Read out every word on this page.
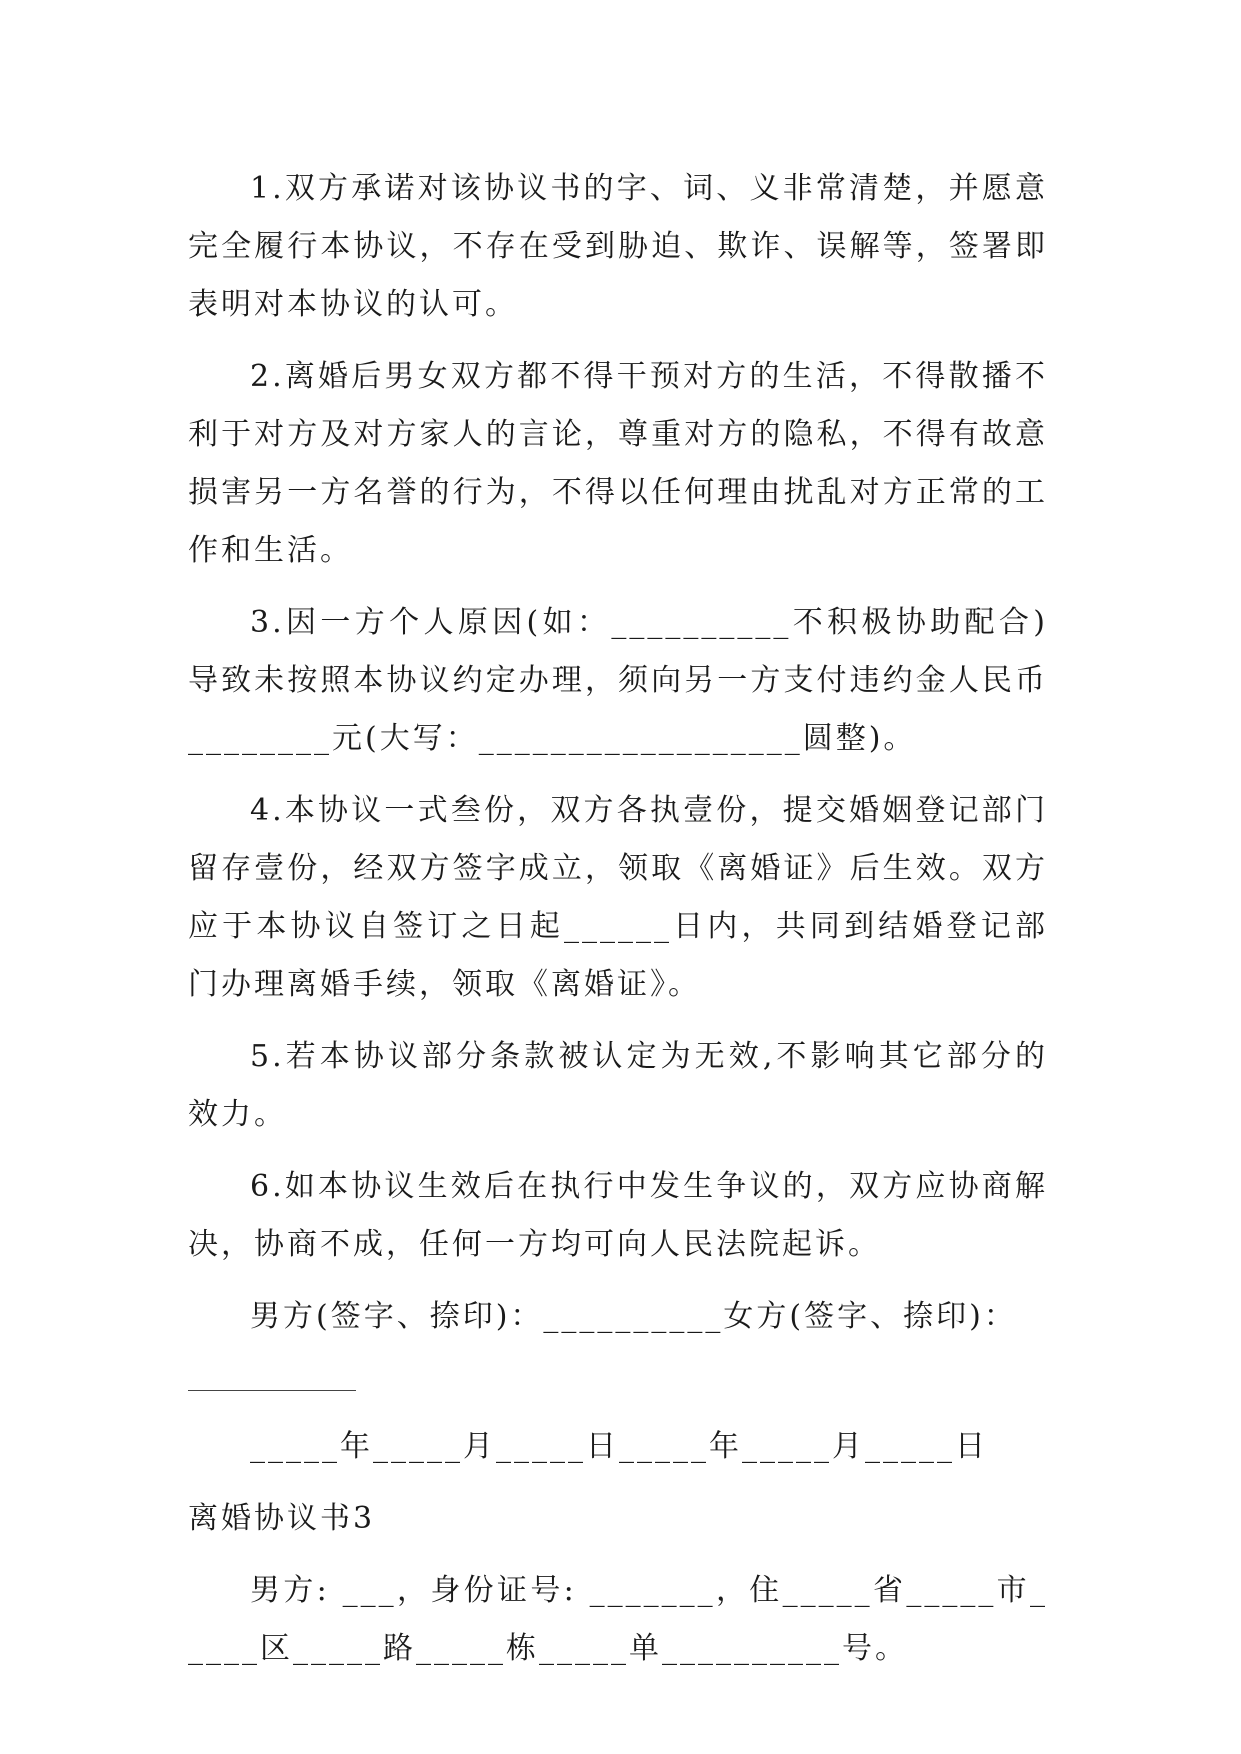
1.双方承诺对该协议书的字、词、义非常清楚，并愿意完全履行本协议，不存在受到胁迫、欺诈、误解等，签署即表明对本协议的认可。

2.离婚后男女双方都不得干预对方的生活，不得散播不利于对方及对方家人的言论，尊重对方的隐私，不得有故意损害另一方名誉的行为，不得以任何理由扰乱对方正常的工作和生活。

3.因一方个人原因(如：__________不积极协助配合)导致未按照本协议约定办理，须向另一方支付违约金人民币________元(大写：__________________圆整)。

4.本协议一式叁份，双方各执壹份，提交婚姻登记部门留存壹份，经双方签字成立，领取《离婚证》后生效。双方应于本协议自签订之日起______日内，共同到结婚登记部门办理离婚手续，领取《离婚证》。

5.若本协议部分条款被认定为无效,不影响其它部分的效力。

6.如本协议生效后在执行中发生争议的，双方应协商解决，协商不成，任何一方均可向人民法院起诉。

男方(签字、捺印)：__________女方(签字、捺印)：

_____年_____月_____日_____年_____月_____日
离婚协议书3

男方: ___，身份证号: _______，住_____省_____市_____区_____路_____栋_____单__________号。
